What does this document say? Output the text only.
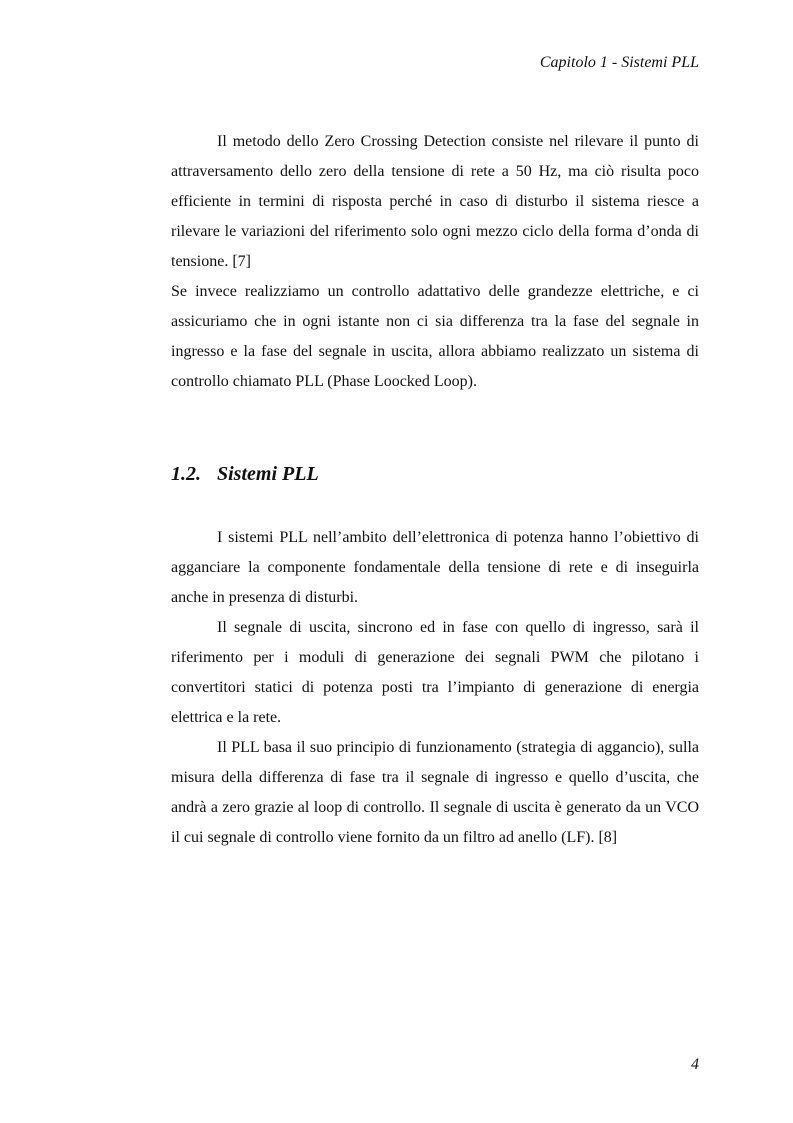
Capitolo 1 - Sistemi PLL

Il metodo dello Zero Crossing Detection consiste nel rilevare il punto di attraversamento dello zero della tensione di rete a 50 Hz, ma ciò risulta poco efficiente in termini di risposta perché in caso di disturbo il sistema riesce a rilevare le variazioni del riferimento solo ogni mezzo ciclo della forma d’onda di tensione. [7]

Se invece realizziamo un controllo adattativo delle grandezze elettriche, e ci assicuriamo che in ogni istante non ci sia differenza tra la fase del segnale in ingresso e la fase del segnale in uscita, allora abbiamo realizzato un sistema di controllo chiamato PLL (Phase Loocked Loop).

1.2. Sistemi PLL

I sistemi PLL nell’ambito dell’elettronica di potenza hanno l’obiettivo di agganciare la componente fondamentale della tensione di rete e di inseguirla anche in presenza di disturbi.

Il segnale di uscita, sincrono ed in fase con quello di ingresso, sarà il riferimento per i moduli di generazione dei segnali PWM che pilotano i convertitori statici di potenza posti tra l’impianto di generazione di energia elettrica e la rete.

Il PLL basa il suo principio di funzionamento (strategia di aggancio), sulla misura della differenza di fase tra il segnale di ingresso e quello d’uscita, che andrà a zero grazie al loop di controllo. Il segnale di uscita è generato da un VCO il cui segnale di controllo viene fornito da un filtro ad anello (LF). [8]

4
